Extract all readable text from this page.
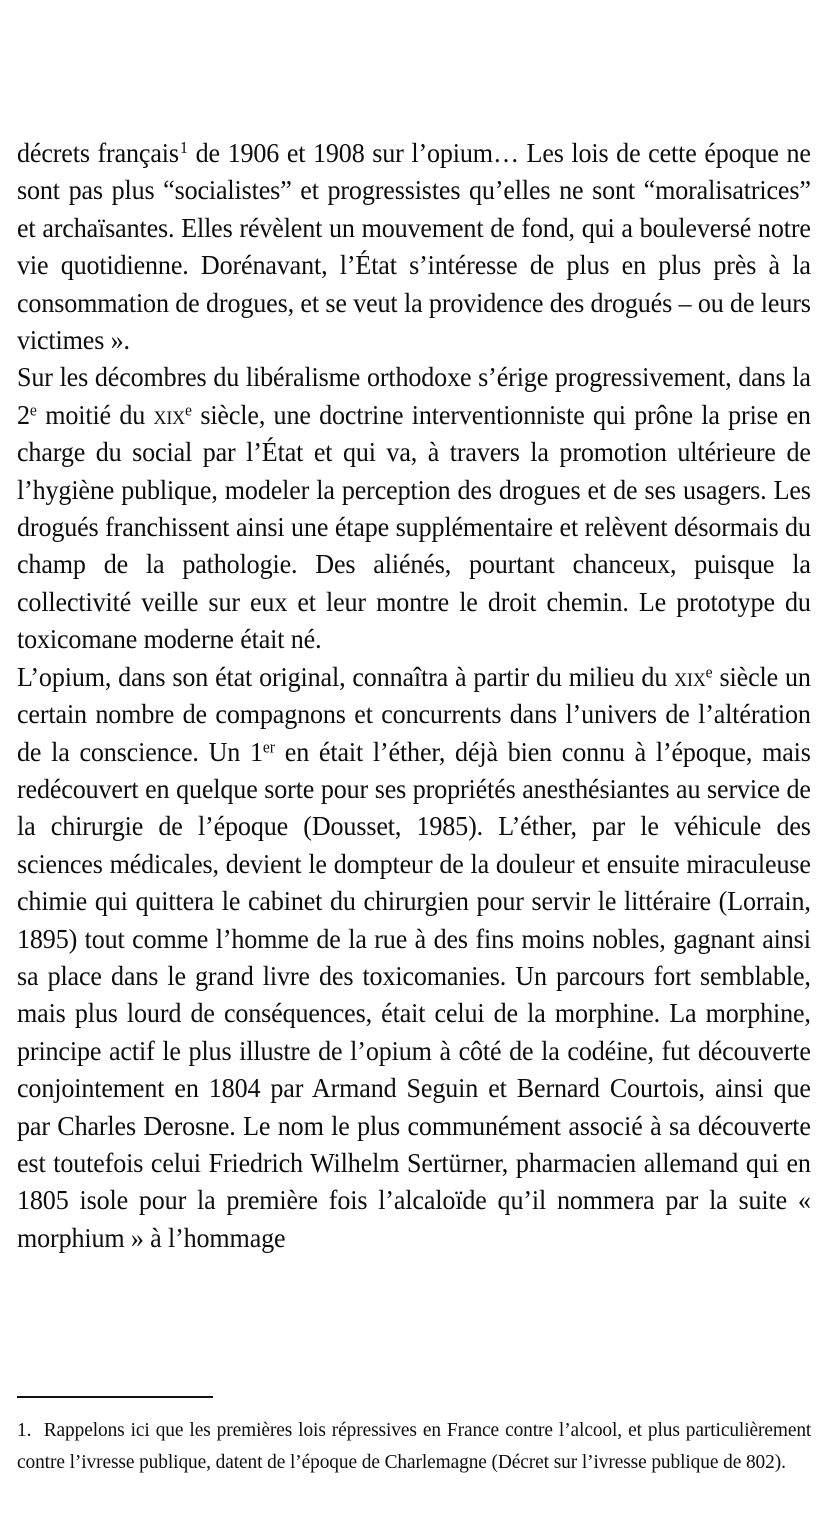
décrets français$^1$ de 1906 et 1908 sur l’opium… Les lois de cette époque ne sont pas plus “socialistes” et progressistes qu’elles ne sont “moralisatrices” et archaïsantes. Elles révèlent un mouvement de fond, qui a bouleversé notre vie quotidienne. Dorénavant, l’État s’intéresse de plus en plus près à la consommation de drogues, et se veut la providence des drogués – ou de leurs victimes ».

Sur les décombres du libéralisme orthodoxe s’érige progressivement, dans la 2e moitié du xix$^e$ siècle, une doctrine interventionniste qui prône la prise en charge du social par l’État et qui va, à travers la promotion ultérieure de l’hygiène publique, modeler la perception des drogues et de ses usagers. Les drogués franchissent ainsi une étape supplémentaire et relèvent désormais du champ de la pathologie. Des aliénés, pourtant chanceux, puisque la collectivité veille sur eux et leur montre le droit chemin. Le prototype du toxicomane moderne était né.

L’opium, dans son état original, connaîtra à partir du milieu du xix$^e$ siècle un certain nombre de compagnons et concurrents dans l’univers de l’altération de la conscience. Un 1er en était l’éther, déjà bien connu à l’époque, mais redécouvert en quelque sorte pour ses propriétés anesthésiantes au service de la chirurgie de l’époque (Dousset, 1985). L’éther, par le véhicule des sciences médicales, devient le dompteur de la douleur et ensuite miraculeuse chimie qui quittera le cabinet du chirurgien pour servir le littéraire (Lorrain, 1895) tout comme l’homme de la rue à des fins moins nobles, gagnant ainsi sa place dans le grand livre des toxicomanies. Un parcours fort semblable, mais plus lourd de conséquences, était celui de la morphine. La morphine, principe actif le plus illustre de l’opium à côté de la codéine, fut découverte conjointement en 1804 par Armand Seguin et Bernard Courtois, ainsi que par Charles Derosne. Le nom le plus communément associé à sa découverte est toutefois celui Friedrich Wilhelm Sertürner, pharmacien allemand qui en 1805 isole pour la première fois l’alcaloïde qu’il nommera par la suite « morphium » à l’hommage

1. Rappelons ici que les premières lois répressives en France contre l’alcool, et plus particulièrement contre l’ivresse publique, datent de l’époque de Charlemagne (Décret sur l’ivresse publique de 802).
